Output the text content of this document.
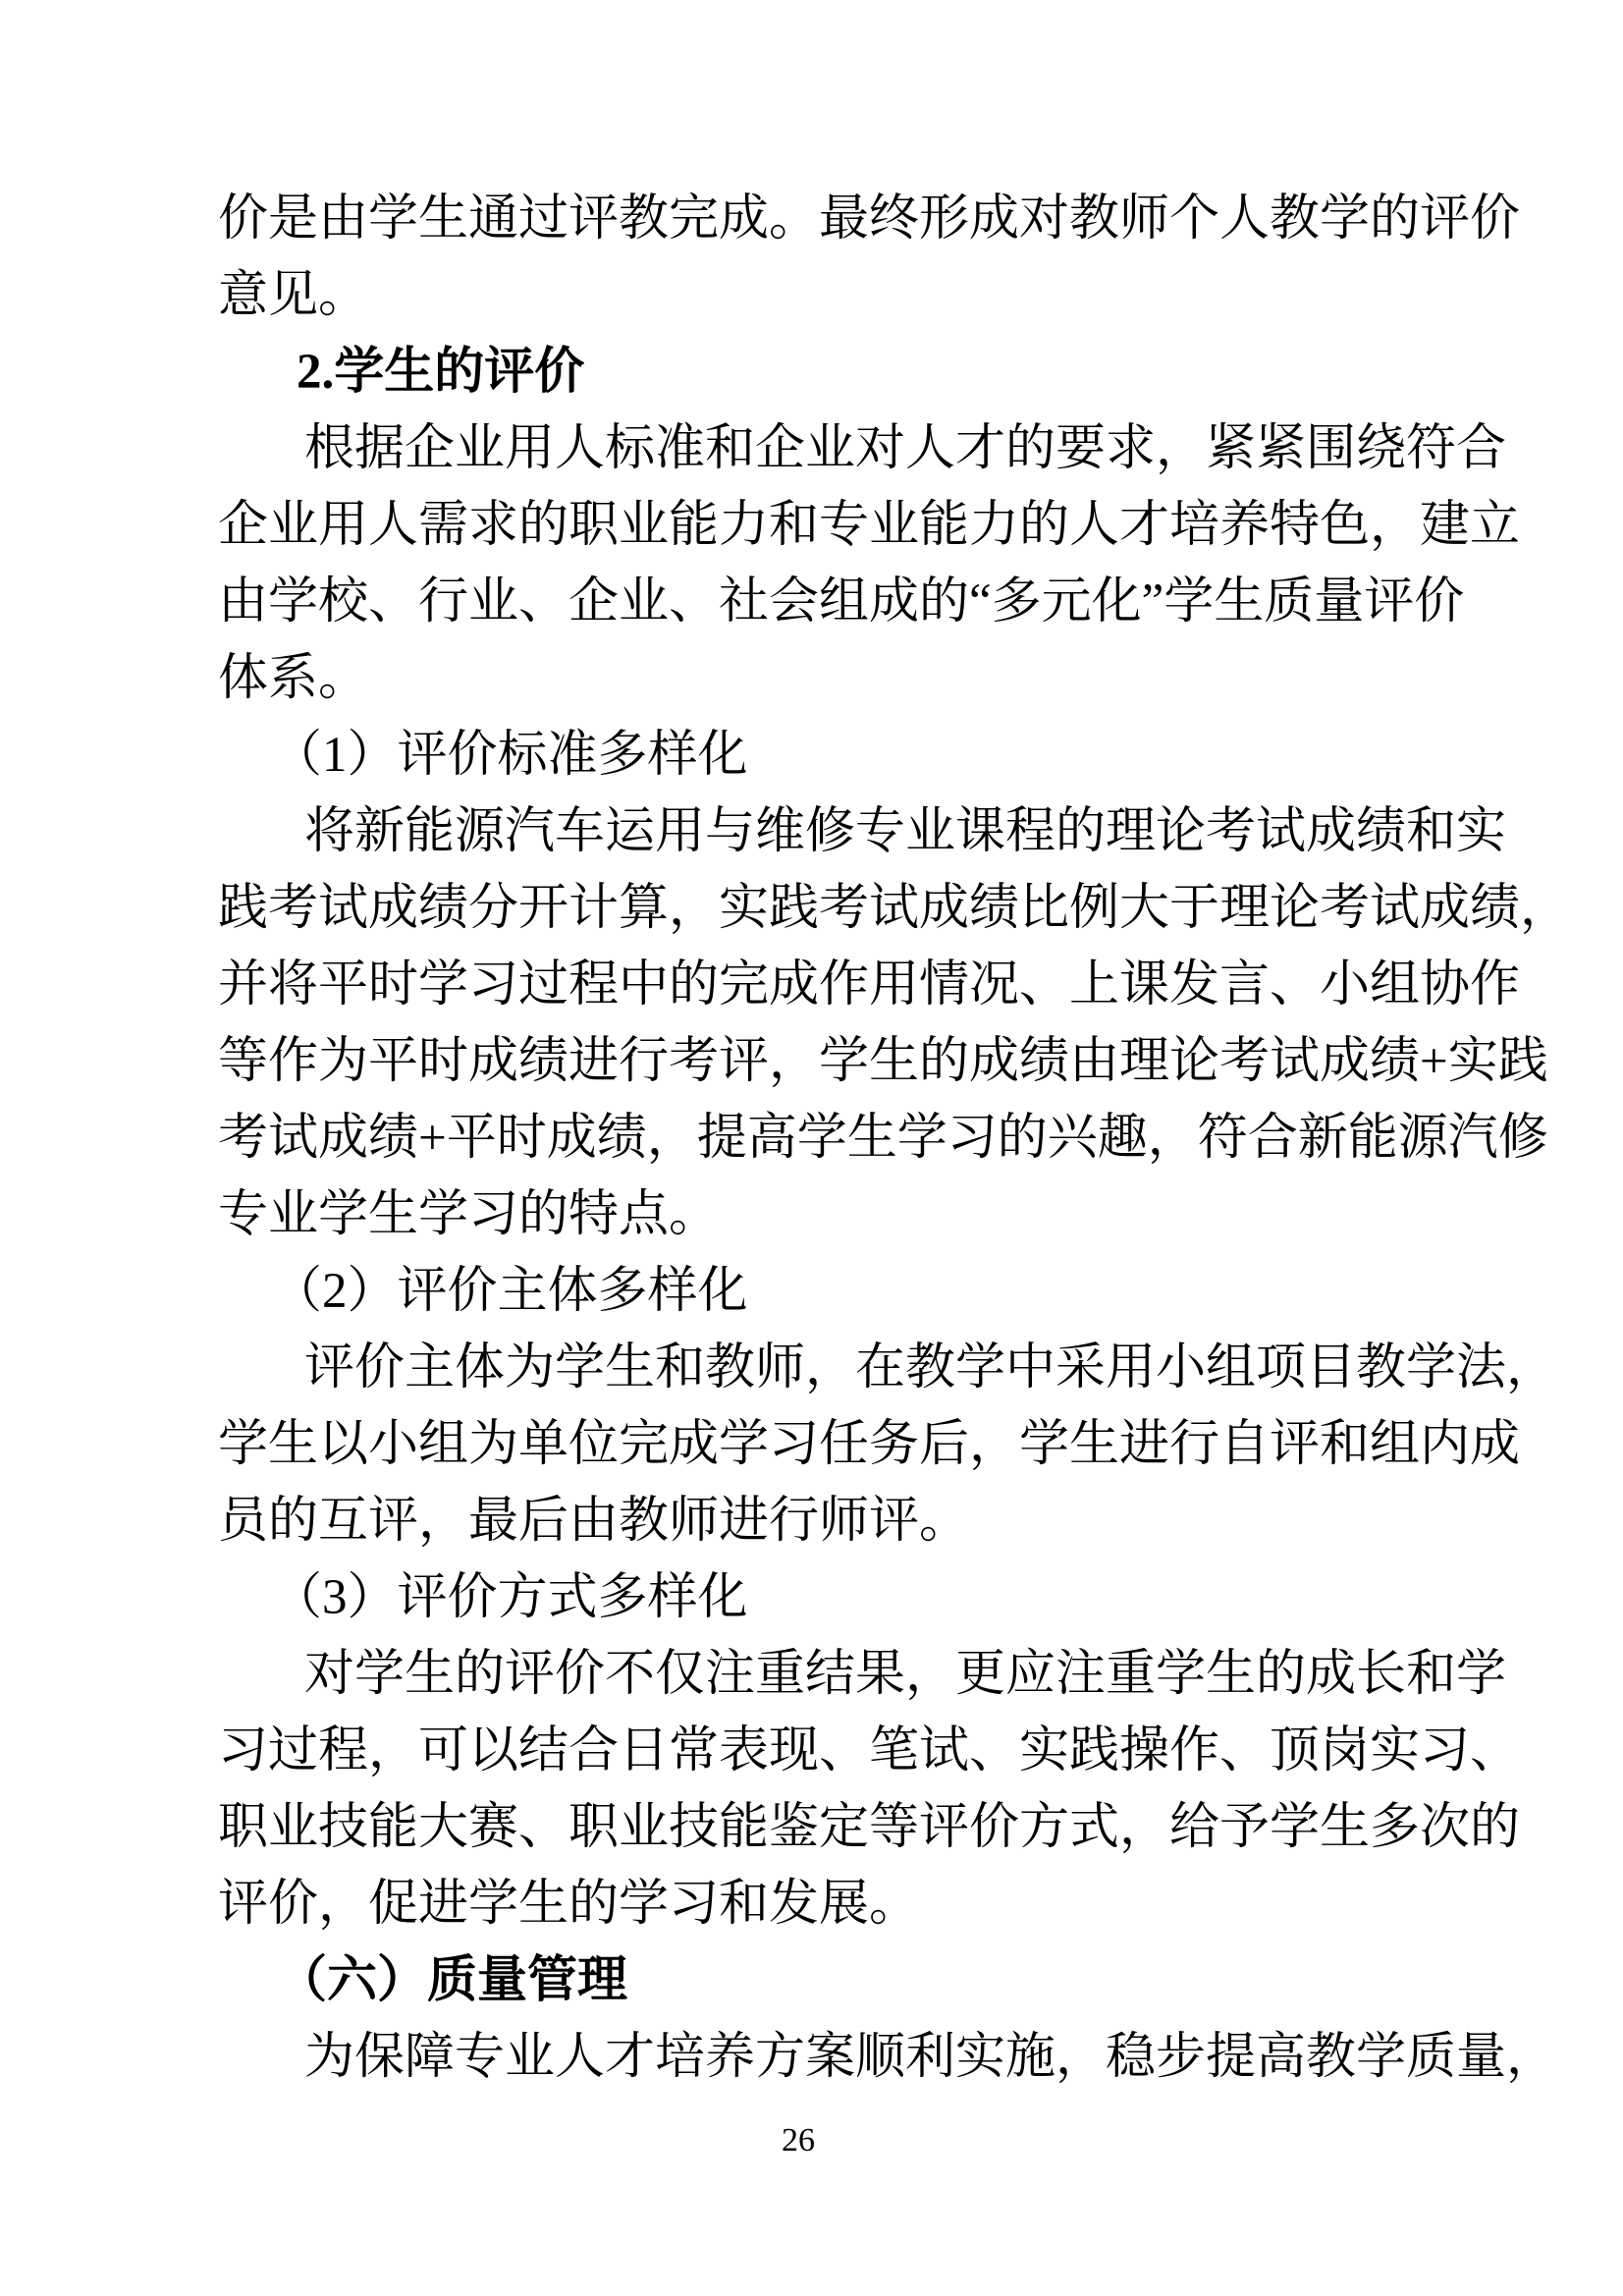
价是由学生通过评教完成。最终形成对教师个人教学的评价
意见。
2.学生的评价
根据企业用人标准和企业对人才的要求，紧紧围绕符合
企业用人需求的职业能力和专业能力的人才培养特色，建立
由学校、行业、企业、社会组成的“多元化”学生质量评价
体系。
（1）评价标准多样化
将新能源汽车运用与维修专业课程的理论考试成绩和实
践考试成绩分开计算，实践考试成绩比例大于理论考试成绩，
并将平时学习过程中的完成作用情况、上课发言、小组协作
等作为平时成绩进行考评，学生的成绩由理论考试成绩+实践
考试成绩+平时成绩，提高学生学习的兴趣，符合新能源汽修
专业学生学习的特点。
（2）评价主体多样化
评价主体为学生和教师，在教学中采用小组项目教学法，
学生以小组为单位完成学习任务后，学生进行自评和组内成
员的互评，最后由教师进行师评。
（3）评价方式多样化
对学生的评价不仅注重结果，更应注重学生的成长和学
习过程，可以结合日常表现、笔试、实践操作、顶岗实习、
职业技能大赛、职业技能鉴定等评价方式，给予学生多次的
评价，促进学生的学习和发展。
（六）质量管理
为保障专业人才培养方案顺利实施，稳步提高教学质量，
26
